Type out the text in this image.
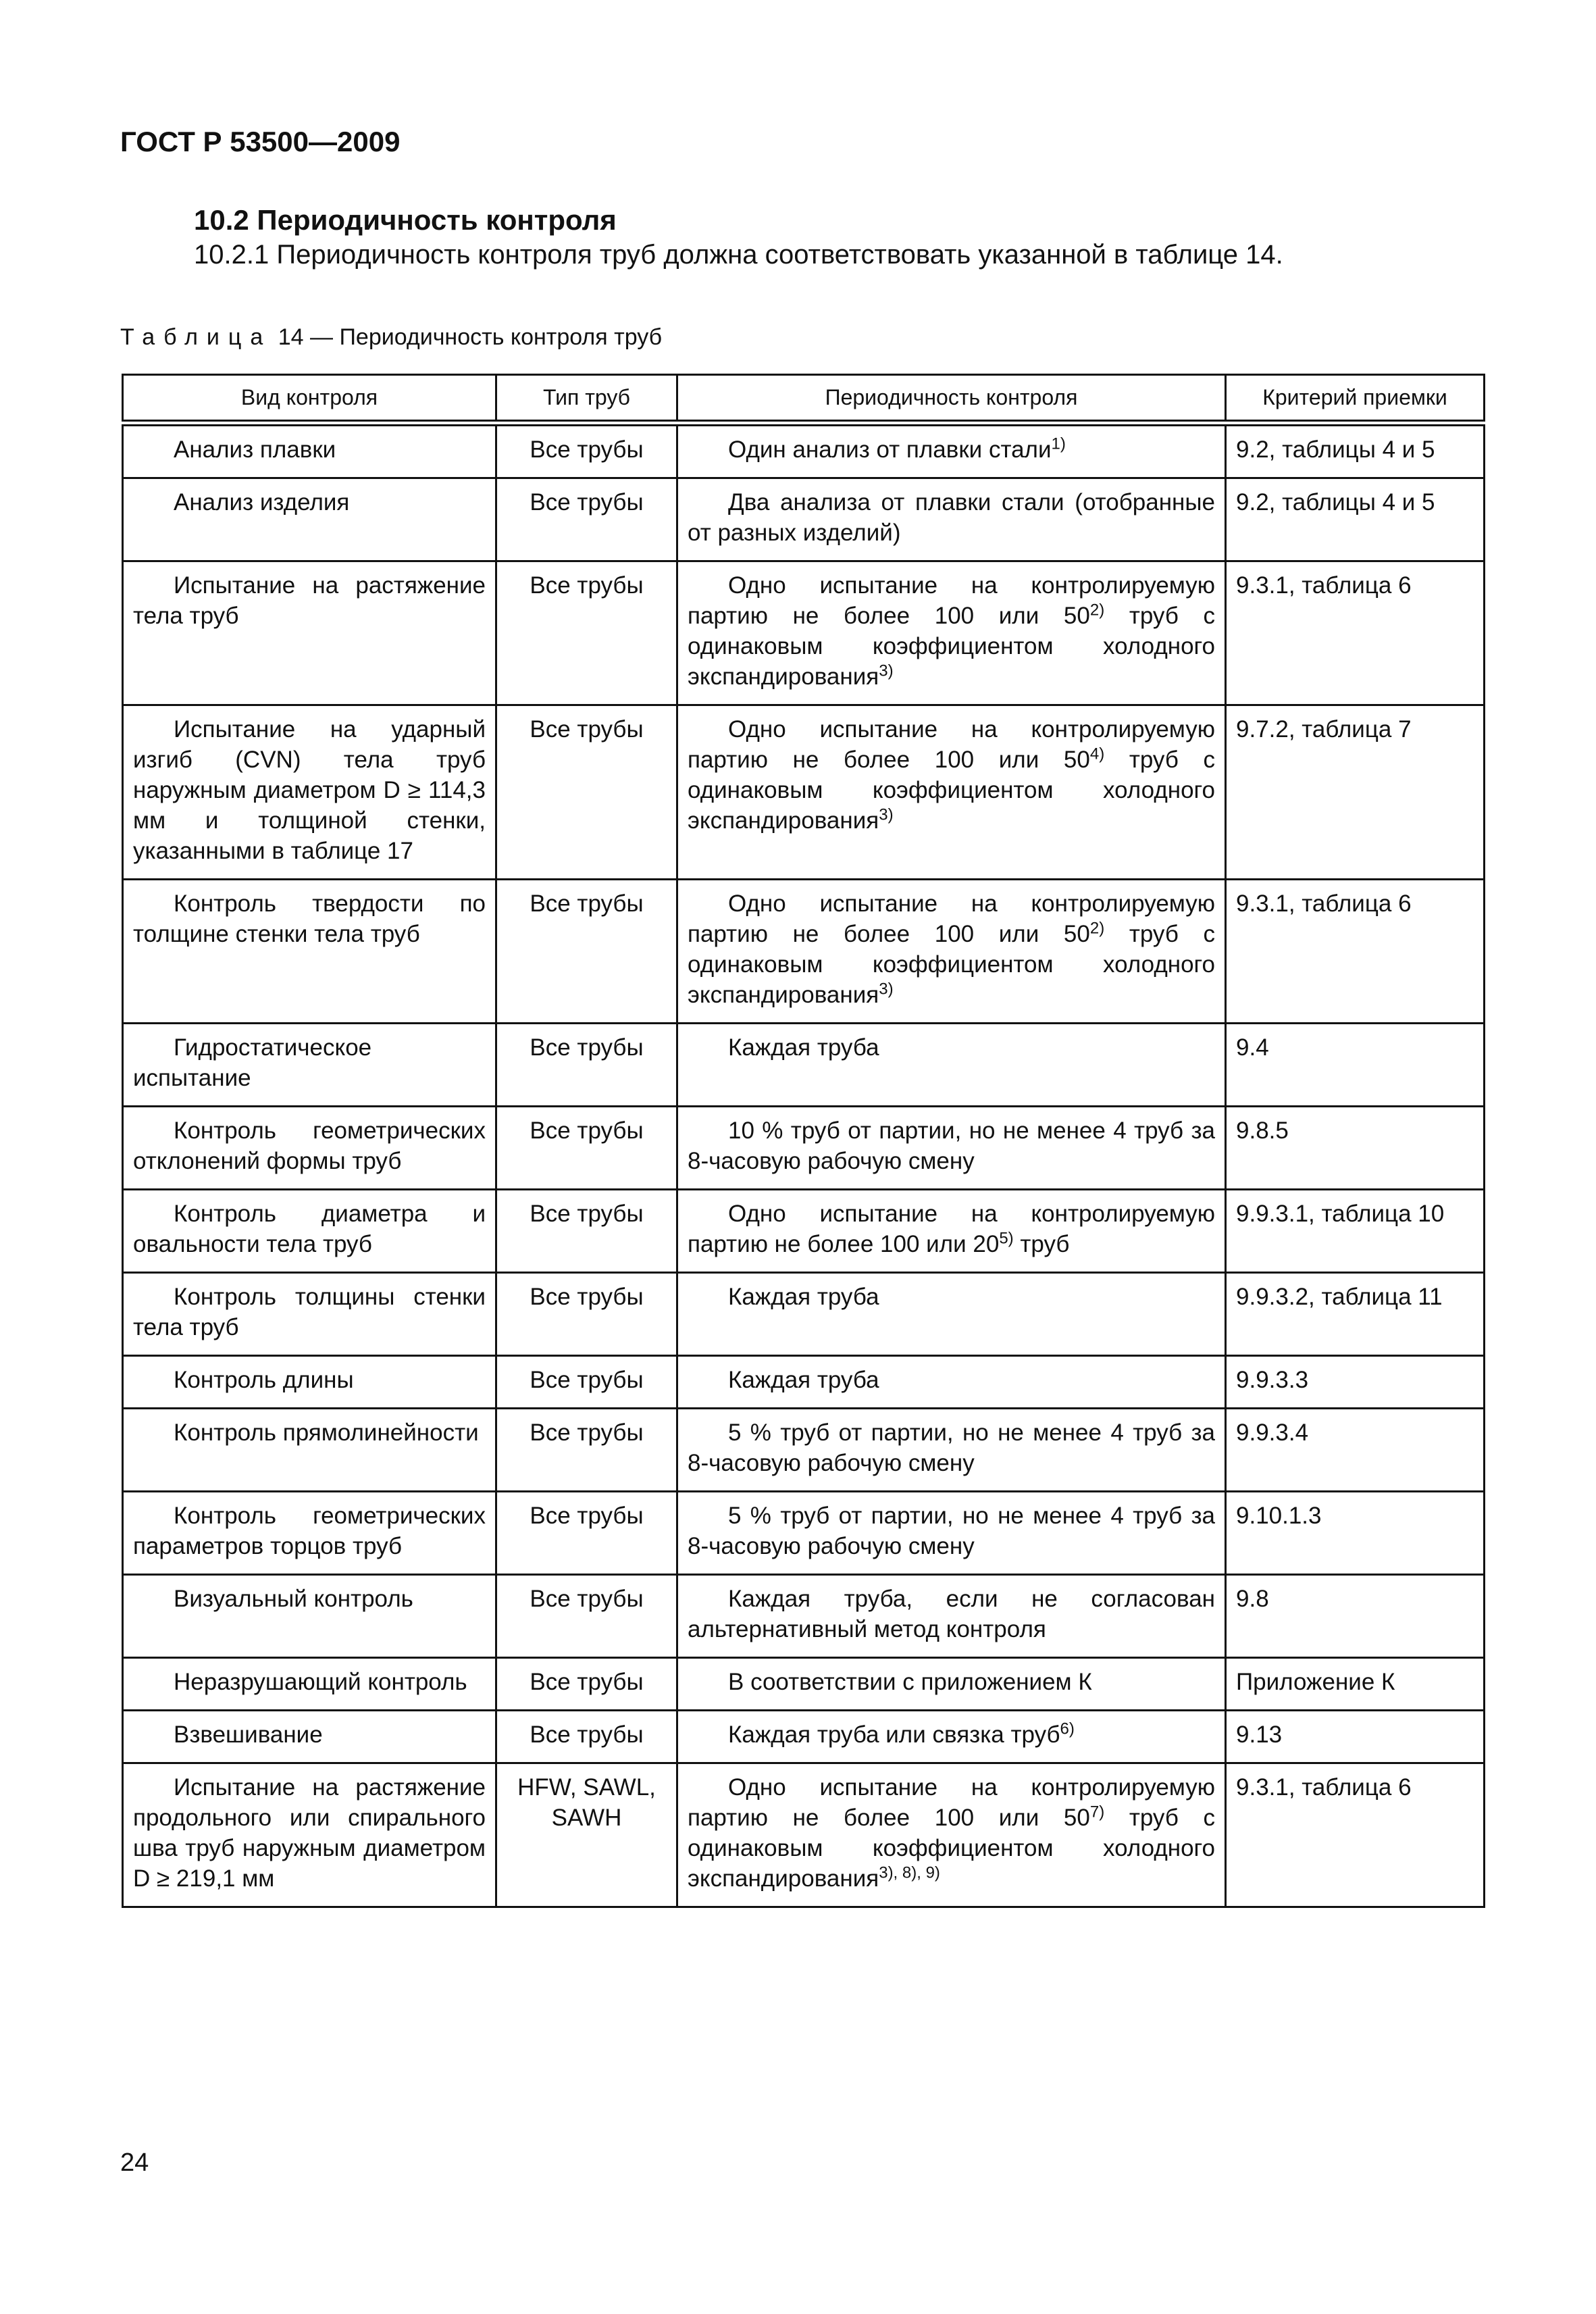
ГОСТ Р 53500—2009
10.2 Периодичность контроля
10.2.1 Периодичность контроля труб должна соответствовать указанной в таблице 14.
Таблица 14 — Периодичность контроля труб
Вид контроля	Тип труб	Периодичность контроля	Критерий приемки
Анализ плавки	Все трубы	Один анализ от плавки стали$^{1)}$	9.2, таблицы 4 и 5
Анализ изделия	Все трубы	Два анализа от плавки стали (отобранные от разных изделий)	9.2, таблицы 4 и 5
Испытание на растяжение тела труб	Все трубы	Одно испытание на контролируемую партию не более 100 или 50$^{2)}$ труб с одинаковым коэффициентом холодного экспандирования$^{3)}$	9.3.1, таблица 6
Испытание на ударный изгиб (CVN) тела труб наружным диаметром D ≥ 114,3 мм и толщиной стенки, указанными в таблице 17	Все трубы	Одно испытание на контролируемую партию не более 100 или 50$^{4)}$ труб с одинаковым коэффициентом холодного экспандирования$^{3)}$	9.7.2, таблица 7
Контроль твердости по толщине стенки тела труб	Все трубы	Одно испытание на контролируемую партию не более 100 или 50$^{2)}$ труб с одинаковым коэффициентом холодного экспандирования$^{3)}$	9.3.1, таблица 6
Гидростатическое испытание	Все трубы	Каждая труба	9.4
Контроль геометрических отклонений формы труб	Все трубы	10 % труб от партии, но не менее 4 труб за 8-часовую рабочую смену	9.8.5
Контроль диаметра и овальности тела труб	Все трубы	Одно испытание на контролируемую партию не более 100 или 20$^{5)}$ труб	9.9.3.1, таблица 10
Контроль толщины стенки тела труб	Все трубы	Каждая труба	9.9.3.2, таблица 11
Контроль длины	Все трубы	Каждая труба	9.9.3.3
Контроль прямолинейности	Все трубы	5 % труб от партии, но не менее 4 труб за 8-часовую рабочую смену	9.9.3.4
Контроль геометрических параметров торцов труб	Все трубы	5 % труб от партии, но не менее 4 труб за 8-часовую рабочую смену	9.10.1.3
Визуальный контроль	Все трубы	Каждая труба, если не согласован альтернативный метод контроля	9.8
Неразрушающий контроль	Все трубы	В соответствии с приложением К	Приложение К
Взвешивание	Все трубы	Каждая труба или связка труб$^{6)}$	9.13
Испытание на растяжение продольного или спирального шва труб наружным диаметром D ≥ 219,1 мм	HFW, SAWL, SAWH	Одно испытание на контролируемую партию не более 100 или 50$^{7)}$ труб с одинаковым коэффициентом холодного экспандирования$^{3), 8), 9)}$	9.3.1, таблица 6
24
